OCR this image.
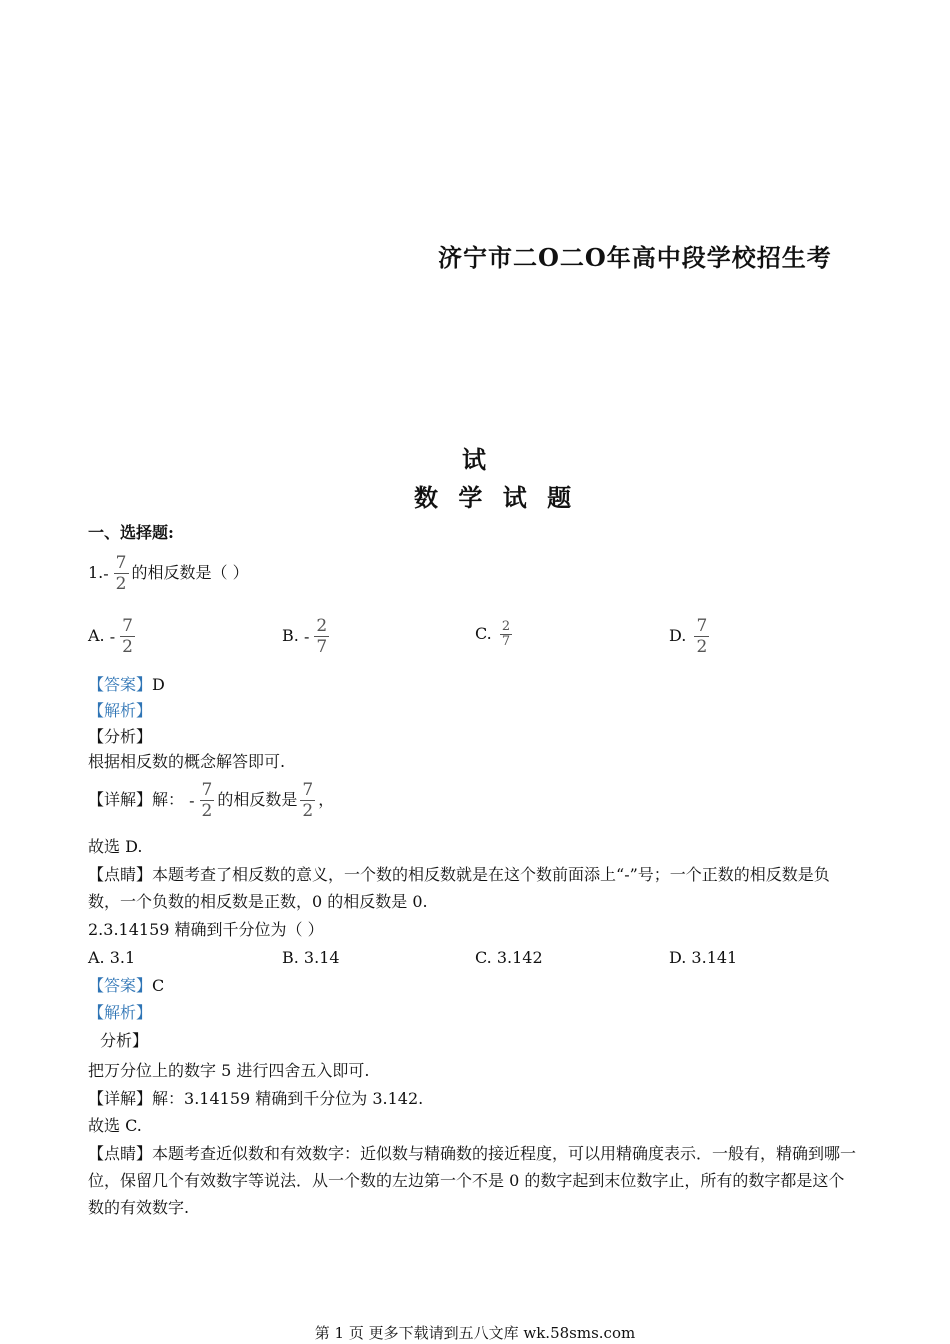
济宁市二O二O年高中段学校招生考
试
数 学 试 题
一、选择题:
$1.- \frac{7}{2}$ 的相反数是（ ）
A. - $\frac{7}{2}$	B. - $\frac{2}{7}$	C. $\frac{2}{7}$	D. $\frac{7}{2}$
【答案】D
【解析】
【分析】
根据相反数的概念解答即可.
【详解】解： - $\frac{7}{2}$ 的相反数是 $\frac{7}{2}$ ，
故选 D.
【点睛】本题考查了相反数的意义，一个数的相反数就是在这个数前面添上“-”号；一个正数的相反数是负数，一个负数的相反数是正数，0 的相反数是 0.
2.3.14159 精确到千分位为（ ）
A. 3.1	B. 3.14	C. 3.142	D. 3.141
【答案】C
【解析】
分析】
把万分位上的数字 5 进行四舍五入即可.
【详解】解：3.14159 精确到千分位为 3.142.
故选 C.
【点睛】本题考查近似数和有效数字：近似数与精确数的接近程度，可以用精确度表示．一般有，精确到哪一位，保留几个有效数字等说法．从一个数的左边第一个不是 0 的数字起到末位数字止，所有的数字都是这个数的有效数字.
第 1 页 更多下载请到五八文库 wk.58sms.com
